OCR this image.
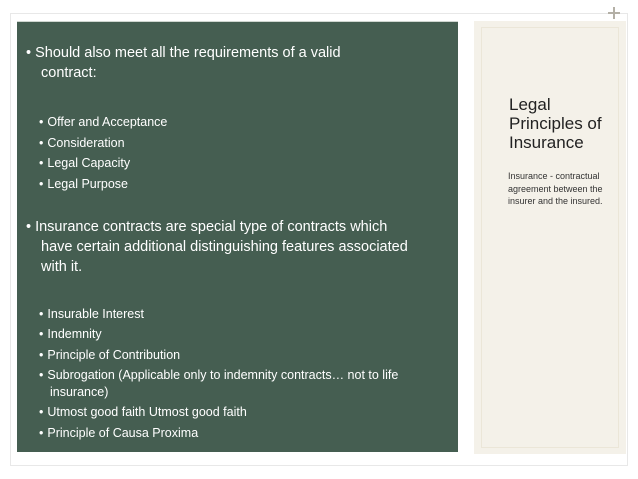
• Should also meet all the requirements of a valid
contract:
• Offer and Acceptance
• Consideration
• Legal Capacity
• Legal Purpose
• Insurance contracts are special type of contracts which
have certain additional distinguishing features associated
with it.
• Insurable Interest
• Indemnity
• Principle of Contribution
• Subrogation (Applicable only to indemnity contracts… not to life
insurance)
• Utmost good faith Utmost good faith
• Principle of Causa Proxima
Legal
Principles of
Insurance
Insurance - contractual
agreement between the
insurer and the insured.
